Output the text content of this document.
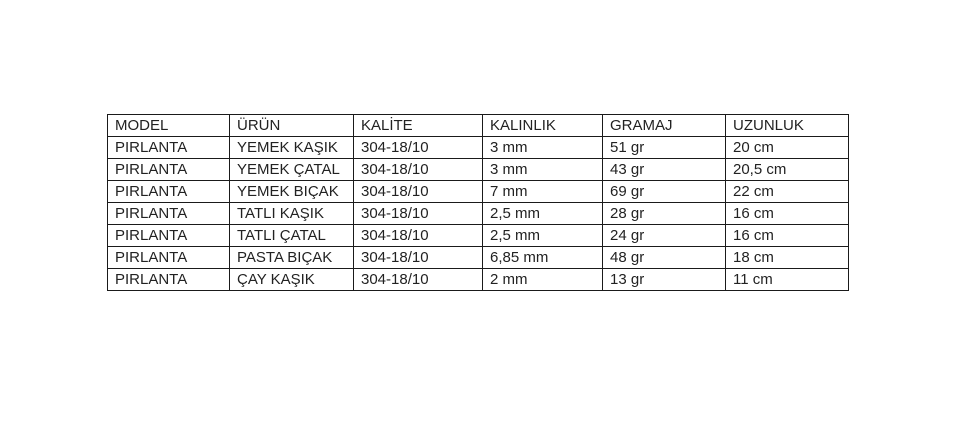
MODEL	ÜRÜN	KALİTE	KALINLIK	GRAMAJ	UZUNLUK
PIRLANTA	YEMEK KAŞIK	304-18/10	3 mm	51 gr	20 cm
PIRLANTA	YEMEK ÇATAL	304-18/10	3 mm	43 gr	20,5 cm
PIRLANTA	YEMEK BIÇAK	304-18/10	7 mm	69 gr	22 cm
PIRLANTA	TATLI KAŞIK	304-18/10	2,5 mm	28 gr	16 cm
PIRLANTA	TATLI ÇATAL	304-18/10	2,5 mm	24 gr	16 cm
PIRLANTA	PASTA BIÇAK	304-18/10	6,85 mm	48 gr	18 cm
PIRLANTA	ÇAY KAŞIK	304-18/10	2 mm	13 gr	11 cm
